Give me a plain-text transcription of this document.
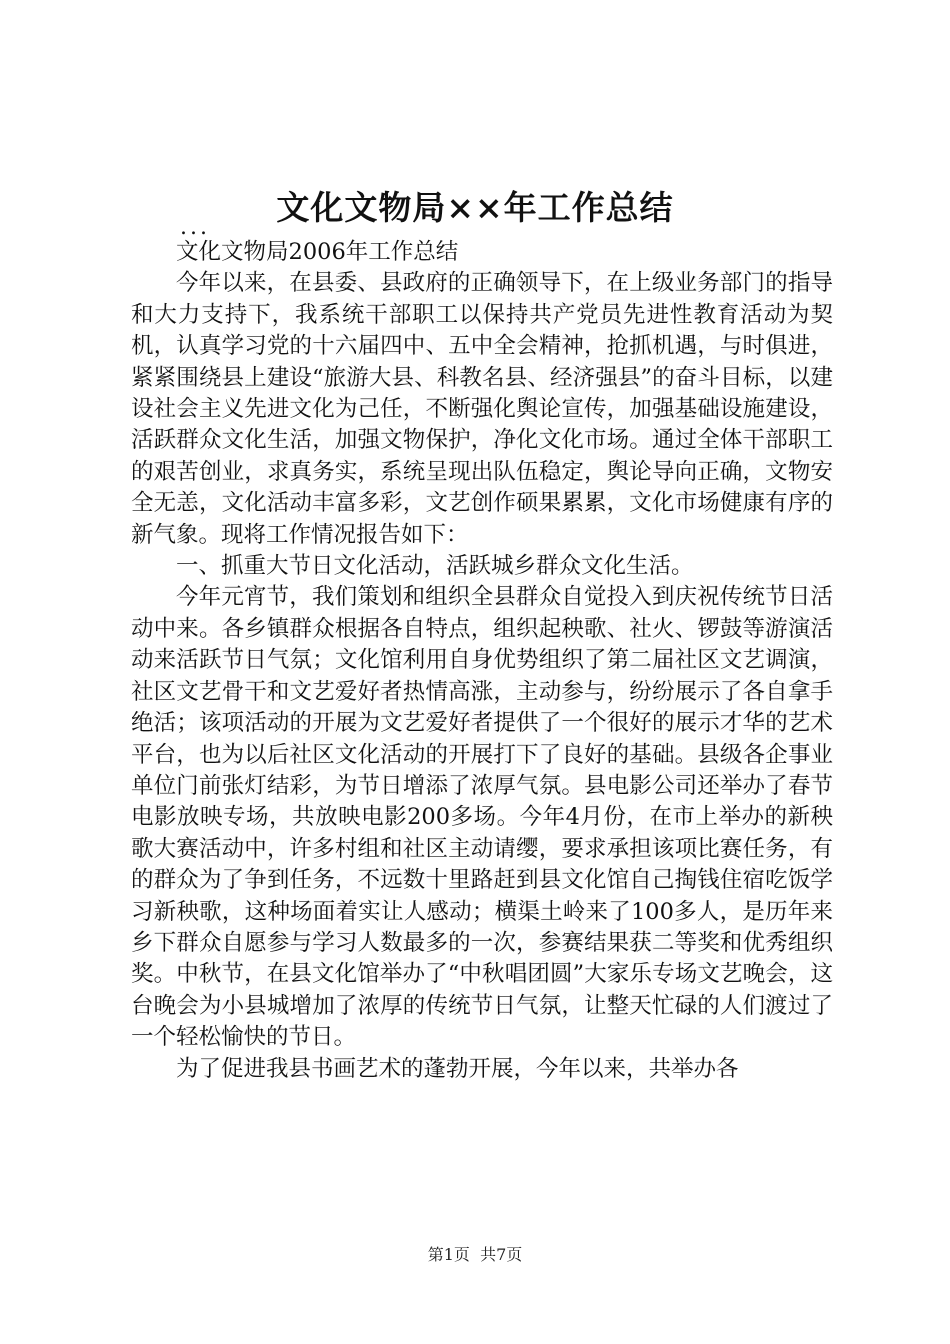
文化文物局××年工作总结
...

文化文物局2006年工作总结

今年以来，在县委、县政府的正确领导下，在上级业务部门的指导和大力支持下，我系统干部职工以保持共产党员先进性教育活动为契机，认真学习党的十六届四中、五中全会精神，抢抓机遇，与时俱进，紧紧围绕县上建设“旅游大县、科教名县、经济强县”的奋斗目标，以建设社会主义先进文化为己任，不断强化舆论宣传，加强基础设施建设，活跃群众文化生活，加强文物保护，净化文化市场。通过全体干部职工的艰苦创业，求真务实，系统呈现出队伍稳定，舆论导向正确，文物安全无恙，文化活动丰富多彩，文艺创作硕果累累，文化市场健康有序的新气象。现将工作情况报告如下：

一、抓重大节日文化活动，活跃城乡群众文化生活。

今年元宵节，我们策划和组织全县群众自觉投入到庆祝传统节日活动中来。各乡镇群众根据各自特点，组织起秧歌、社火、锣鼓等游演活动来活跃节日气氛；文化馆利用自身优势组织了第二届社区文艺调演，社区文艺骨干和文艺爱好者热情高涨，主动参与，纷纷展示了各自拿手绝活；该项活动的开展为文艺爱好者提供了一个很好的展示才华的艺术平台，也为以后社区文化活动的开展打下了良好的基础。县级各企事业单位门前张灯结彩，为节日增添了浓厚气氛。县电影公司还举办了春节电影放映专场，共放映电影200多场。今年4月份，在市上举办的新秧歌大赛活动中，许多村组和社区主动请缨，要求承担该项比赛任务，有的群众为了争到任务，不远数十里路赶到县文化馆自己掏钱住宿吃饭学习新秧歌，这种场面着实让人感动；横渠土岭来了100多人，是历年来乡下群众自愿参与学习人数最多的一次，参赛结果获二等奖和优秀组织奖。中秋节，在县文化馆举办了“中秋唱团圆”大家乐专场文艺晚会，这台晚会为小县城增加了浓厚的传统节日气氛，让整天忙碌的人们渡过了一个轻松愉快的节日。

为了促进我县书画艺术的蓬勃开展，今年以来，共举办各

第1页  共7页
